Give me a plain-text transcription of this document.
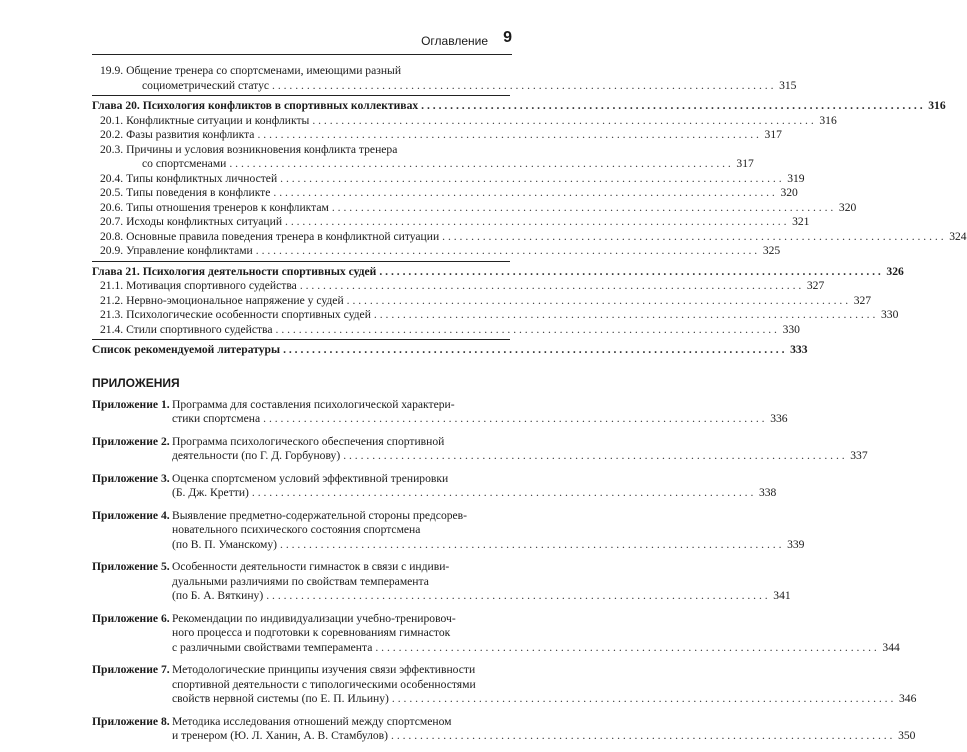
Оглавление 9
19.9. Общение тренера со спортсменами, имеющими разный
социометрический статус . . .	315
Глава 20. Психология конфликтов в спортивных коллективах . . .	316
20.1. Конфликтные ситуации и конфликты . . .	316
20.2. Фазы развития конфликта . . .	317
20.3. Причины и условия возникновения конфликта тренера
со спортсменами . . .	317
20.4. Типы конфликтных личностей . . .	319
20.5. Типы поведения в конфликте . . .	320
20.6. Типы отношения тренеров к конфликтам . . .	320
20.7. Исходы конфликтных ситуаций . . .	321
20.8. Основные правила поведения тренера в конфликтной ситуации . . .	324
20.9. Управление конфликтами . . .	325
Глава 21. Психология деятельности спортивных судей . . .	326
21.1. Мотивация спортивного судейства . . .	327
21.2. Нервно-эмоциональное напряжение у судей . . .	327
21.3. Психологические особенности спортивных судей . . .	330
21.4. Стили спортивного судейства . . .	330
Список рекомендуемой литературы . . .	333
ПРИЛОЖЕНИЯ
Приложение 1. Программа для составления психологической характери-
стики спортсмена . . .	336
Приложение 2. Программа психологического обеспечения спортивной
деятельности (по Г. Д. Горбунову) . . .	337
Приложение 3. Оценка спортсменом условий эффективной тренировки
(Б. Дж. Кретти) . . .	338
Приложение 4. Выявление предметно-содержательной стороны предсорев-
новательного психического состояния спортсмена
(по В. П. Уманскому) . . .	339
Приложение 5. Особенности деятельности гимнасток в связи с индиви-
дуальными различиями по свойствам темперамента
(по Б. А. Вяткину) . . .	341
Приложение 6. Рекомендации по индивидуализации учебно-тренировоч-
ного процесса и подготовки к соревнованиям гимнасток
с различными свойствами темперамента . . .	344
Приложение 7. Методологические принципы изучения связи эффективности
спортивной деятельности с типологическими особенностями
свойств нервной системы (по Е. П. Ильину) . . .	346
Приложение 8. Методика исследования отношений между спортсменом
и тренером (Ю. Л. Ханин, А. В. Стамбулов) . . .	350
